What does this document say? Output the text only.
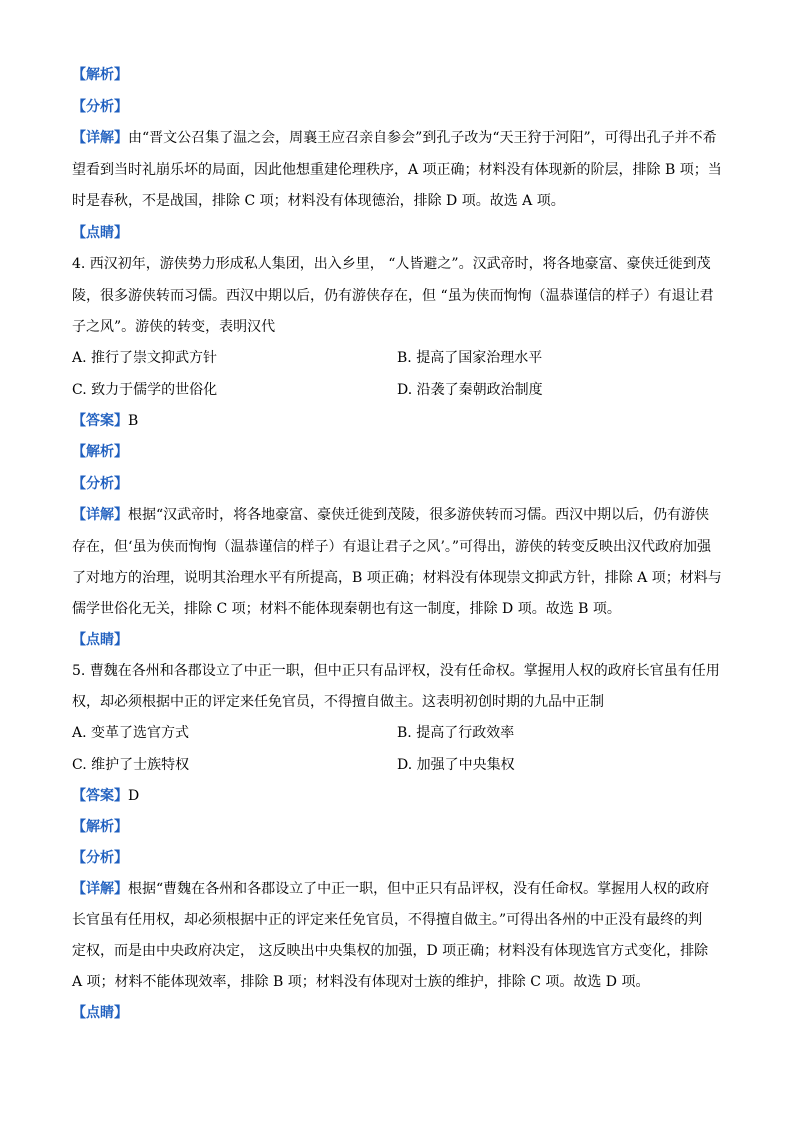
【解析】
【分析】
【详解】由“晋文公召集了温之会，周襄王应召亲自参会”到孔子改为“天王狩于河阳”，可得出孔子并不希
望看到当时礼崩乐坏的局面，因此他想重建伦理秩序，A 项正确；材料没有体现新的阶层，排除 B 项；当
时是春秋，不是战国，排除 C 项；材料没有体现德治，排除 D 项。故选 A 项。
【点睛】
4. 西汉初年，游侠势力形成私人集团，出入乡里， “人皆避之”。汉武帝时，将各地豪富、豪侠迁徙到茂
陵，很多游侠转而习儒。西汉中期以后，仍有游侠存在，但 “虽为侠而恂恂（温恭谨信的样子）有退让君
子之风”。游侠的转变，表明汉代
A. 推行了崇文抑武方针	B. 提高了国家治理水平
C. 致力于儒学的世俗化	D. 沿袭了秦朝政治制度
【答案】B
【解析】
【分析】
【详解】根据“汉武帝时，将各地豪富、豪侠迁徙到茂陵，很多游侠转而习儒。西汉中期以后，仍有游侠
存在，但‘虽为侠而恂恂（温恭谨信的样子）有退让君子之风’。”可得出，游侠的转变反映出汉代政府加强
了对地方的治理，说明其治理水平有所提高，B 项正确；材料没有体现崇文抑武方针，排除 A 项；材料与
儒学世俗化无关，排除 C 项；材料不能体现秦朝也有这一制度，排除 D 项。故选 B 项。
【点睛】
5. 曹魏在各州和各郡设立了中正一职，但中正只有品评权，没有任命权。掌握用人权的政府长官虽有任用
权，却必须根据中正的评定来任免官员，不得擅自做主。这表明初创时期的九品中正制
A. 变革了选官方式	B. 提高了行政效率
C. 维护了士族特权	D. 加强了中央集权
【答案】D
【解析】
【分析】
【详解】根据“曹魏在各州和各郡设立了中正一职，但中正只有品评权，没有任命权。掌握用人权的政府
长官虽有任用权，却必须根据中正的评定来任免官员，不得擅自做主。”可得出各州的中正没有最终的判
定权，而是由中央政府决定， 这反映出中央集权的加强，D 项正确；材料没有体现选官方式变化，排除
A 项；材料不能体现效率，排除 B 项；材料没有体现对士族的维护，排除 C 项。故选 D 项。
【点睛】
